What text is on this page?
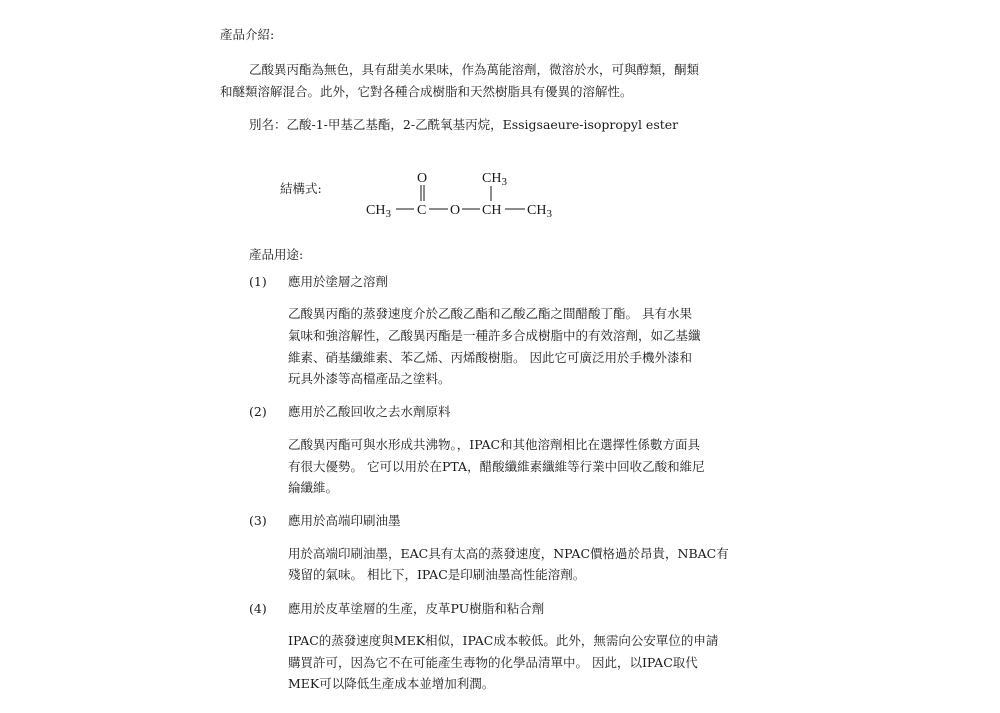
產品介紹:

乙酸異丙酯為無色，具有甜美水果味，作為萬能溶劑，微溶於水，可與醇類，酮類

和醚類溶解混合。此外，它對各種合成樹脂和天然樹脂具有優異的溶解性。

別名：乙酸-1-甲基乙基酯，2-乙酰氧基丙烷，Essigsaeure-isopropyl ester

結構式:

$CH_3$ C
O
O CH
$CH_3$
$CH_3$

產品用途:

(1) 應用於塗層之溶劑

乙酸異丙酯的蒸發速度介於乙酸乙酯和乙酸乙酯之間醋酸丁酯。 具有水果

氣味和強溶解性，乙酸異丙酯是一種許多合成樹脂中的有效溶劑，如乙基纖

維素、硝基纖維素、苯乙烯、丙烯酸樹脂。 因此它可廣泛用於手機外漆和

玩具外漆等高檔產品之塗料。

(2) 應用於乙酸回收之去水劑原料

乙酸異丙酯可與水形成共沸物。，IPAC和其他溶劑相比在選擇性係數方面具

有很大優勢。 它可以用於在PTA，醋酸纖維素纖維等行業中回收乙酸和維尼

綸纖維。

(3) 應用於高端印刷油墨

用於高端印刷油墨，EAC具有太高的蒸發速度，NPAC價格過於昂貴，NBAC有

殘留的氣味。 相比下，IPAC是印刷油墨高性能溶劑。

(4) 應用於皮革塗層的生產，皮革PU樹脂和粘合劑

IPAC的蒸發速度與MEK相似，IPAC成本較低。此外，無需向公安單位的申請

購買許可，因為它不在可能產生毒物的化學品清單中。 因此，以IPAC取代

MEK可以降低生產成本並增加利潤。
